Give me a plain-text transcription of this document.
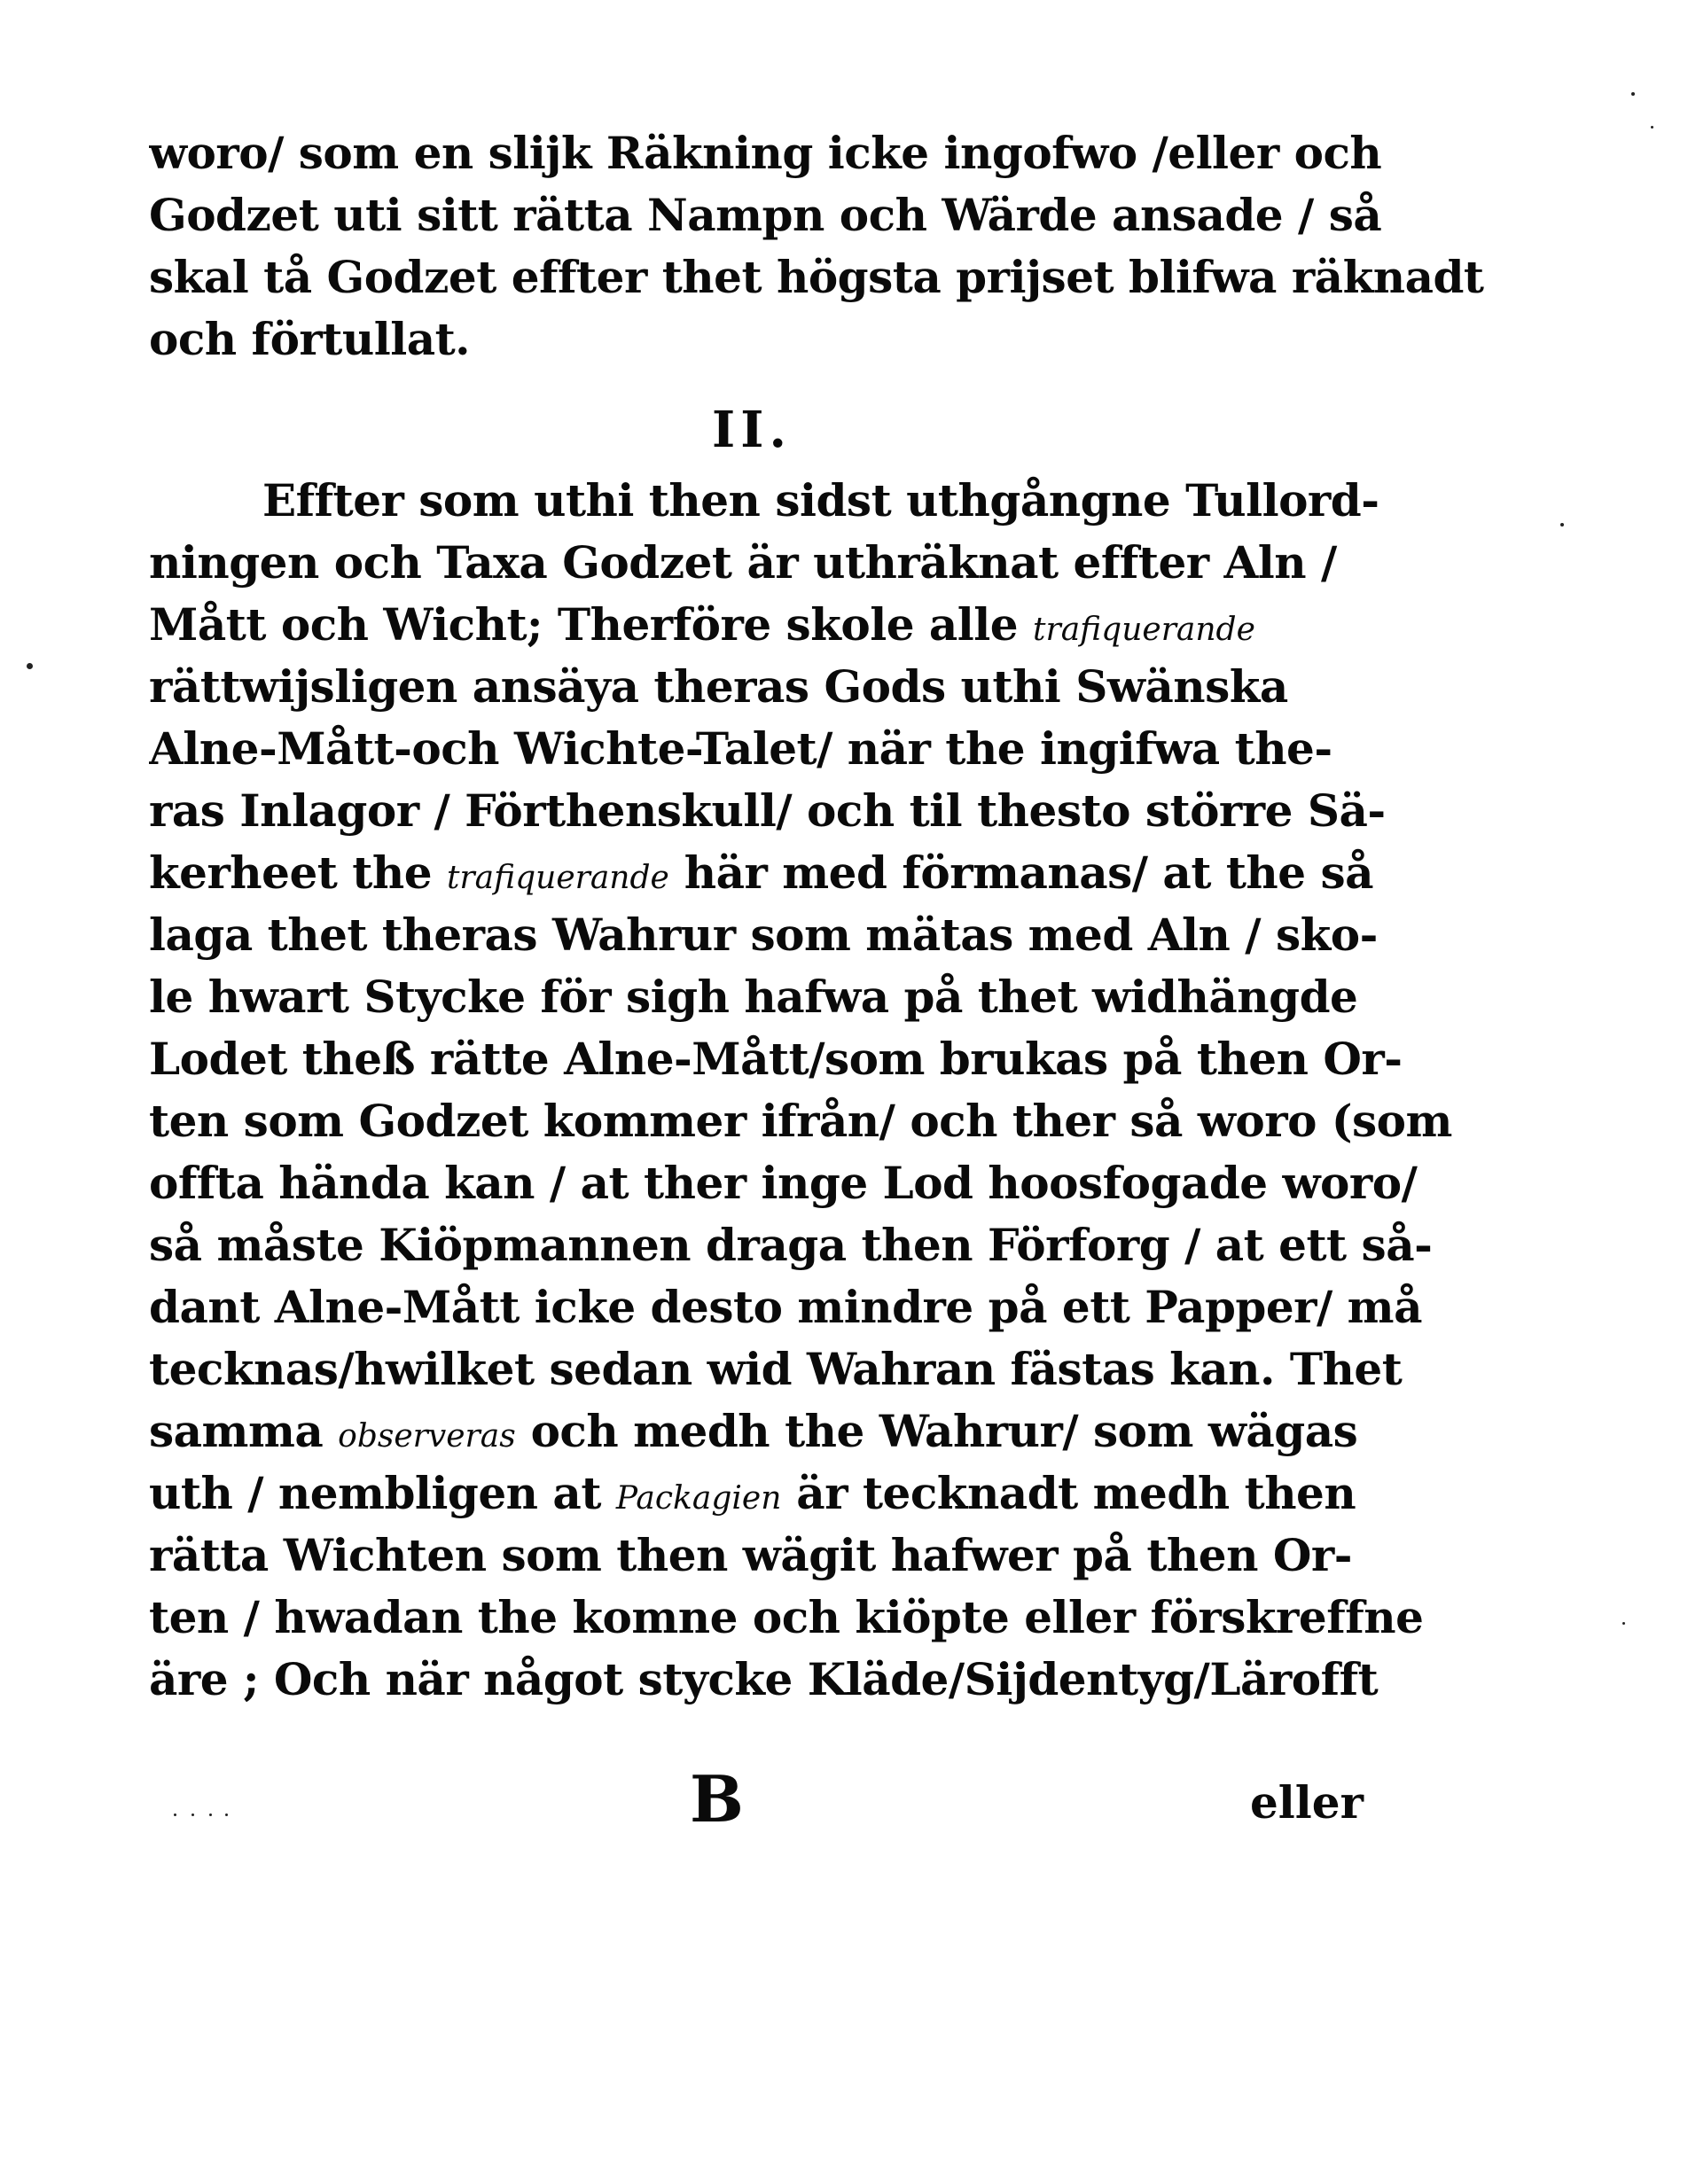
woro/ som en slijk Räkning icke ingofwo /eller och
Godzet uti sitt rätta Nampn och Wärde ansade / så
skal tå Godzet effter thet högsta prijset blifwa räknadt
och förtullat.
II.
Effter som uthi then sidst uthgångne Tullord-
ningen och Taxa Godzet är uthräknat effter Aln /
Mått och Wicht; Therföre skole alle trafiquerande
rättwijsligen ansäya theras Gods uthi Swänska
Alne-Mått-och Wichte-Talet/ när the ingifwa the-
ras Inlagor / Förthenskull/ och til thesto större Sä-
kerheet the trafiquerande här med förmanas/ at the så
laga thet theras Wahrur som mätas med Aln / sko-
le hwart Stycke för sigh hafwa på thet widhängde
Lodet theß rätte Alne-Mått/som brukas på then Or-
ten som Godzet kommer ifrån/ och ther så woro (som
offta hända kan / at ther inge Lod hoosfogade woro/
så måste Kiöpmannen draga then Förforg / at ett så-
dant Alne-Mått icke desto mindre på ett Papper/ må
tecknas/hwilket sedan wid Wahran fästas kan. Thet
samma observeras och medh the Wahrur/ som wägas
uth / nembligen at Packagien är tecknadt medh then
rätta Wichten som then wägit hafwer på then Or-
ten / hwadan the komne och kiöpte eller förskreffne
äre ; Och när något stycke Kläde/Sijdentyg/Lärofft
B	eller
